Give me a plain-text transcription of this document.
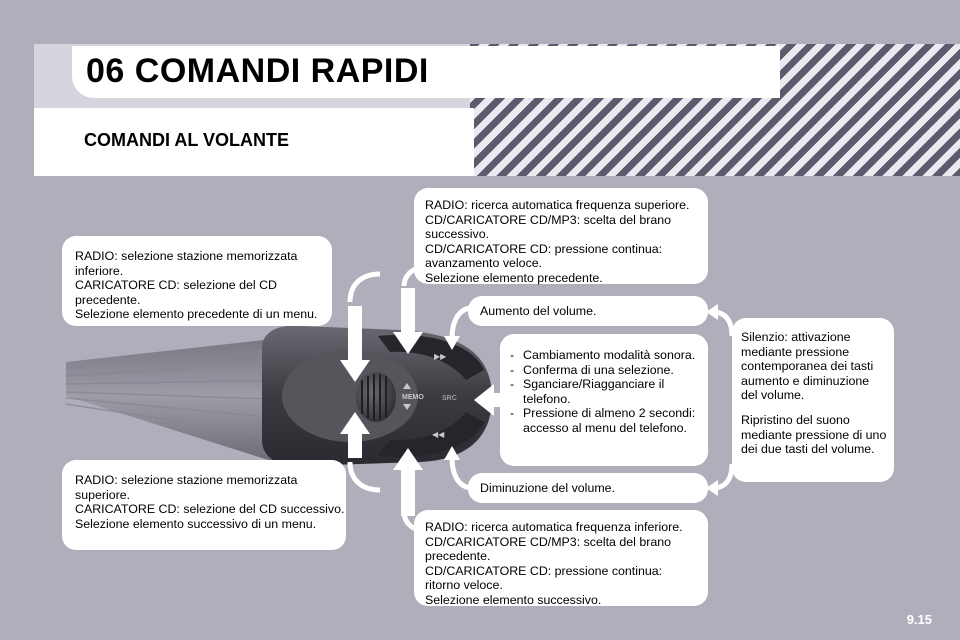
06 COMANDI RAPIDI
COMANDI AL VOLANTE
MEMO	SRC
▶▶
◀◀

RADIO: selezione stazione memorizzata inferiore.

CARICATORE CD: selezione del CD precedente.

Selezione elemento precedente di un menu.

RADIO: selezione stazione memorizzata superiore.

CARICATORE CD: selezione del CD successivo.

Selezione elemento successivo di un menu.

RADIO: ricerca automatica frequenza superiore.

CD/CARICATORE CD/MP3: scelta del brano successivo.

CD/CARICATORE CD: pressione continua: avanzamento veloce.

Selezione elemento precedente.

RADIO: ricerca automatica frequenza inferiore.

CD/CARICATORE CD/MP3: scelta del brano precedente.

CD/CARICATORE CD: pressione continua: ritorno veloce.

Selezione elemento successivo.

Aumento del volume.

Diminuzione del volume.

- Cambiamento modalità sonora.
- Conferma di una selezione.
- Sganciare/Riagganciare il telefono.
- Pressione di almeno 2 secondi: accesso al menu del telefono.

Silenzio: attivazione mediante pressione contemporanea dei tasti aumento e diminuzione del volume.

Ripristino del suono mediante pressione di uno dei due tasti del volume.

9.15
